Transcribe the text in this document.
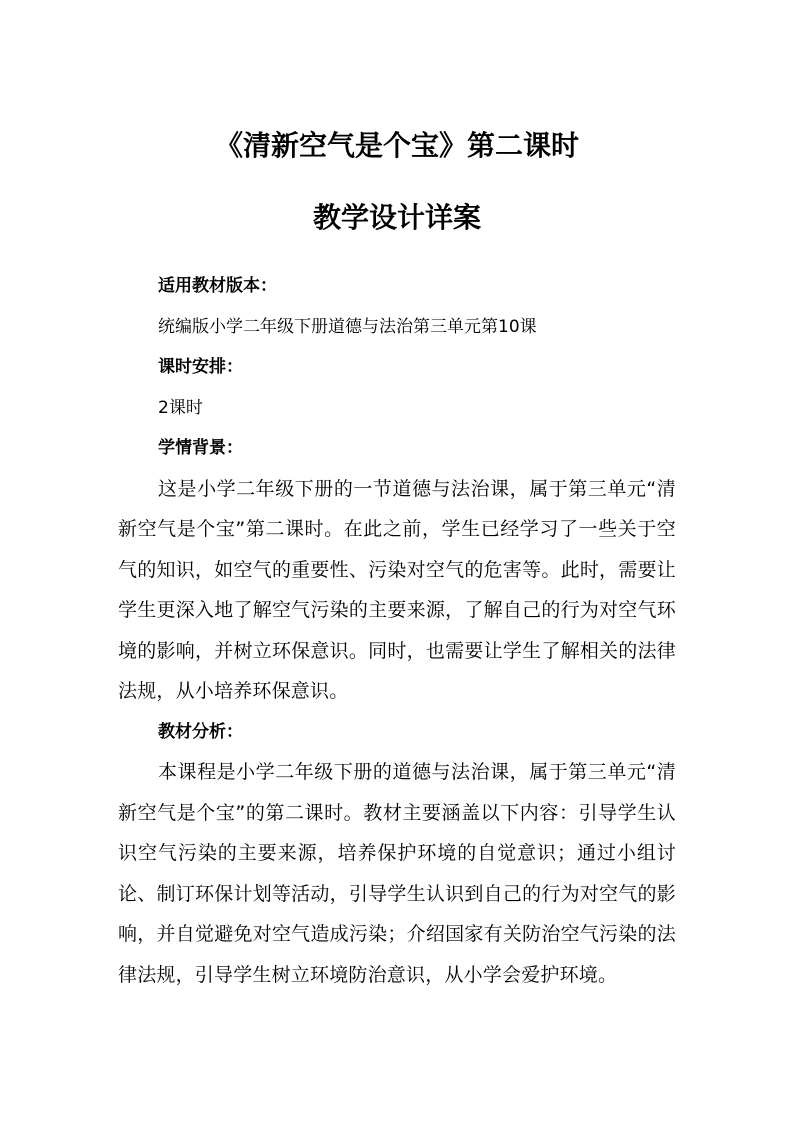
《清新空气是个宝》第二课时
教学设计详案

适用教材版本：

统编版小学二年级下册道德与法治第三单元第10课

课时安排：

2课时

学情背景：

这是小学二年级下册的一节道德与法治课，属于第三单元“清新空气是个宝”第二课时。在此之前，学生已经学习了一些关于空气的知识，如空气的重要性、污染对空气的危害等。此时，需要让学生更深入地了解空气污染的主要来源，了解自己的行为对空气环境的影响，并树立环保意识。同时，也需要让学生了解相关的法律法规，从小培养环保意识。

教材分析：

本课程是小学二年级下册的道德与法治课，属于第三单元“清新空气是个宝”的第二课时。教材主要涵盖以下内容：引导学生认识空气污染的主要来源，培养保护环境的自觉意识；通过小组讨论、制订环保计划等活动，引导学生认识到自己的行为对空气的影响，并自觉避免对空气造成污染；介绍国家有关防治空气污染的法律法规，引导学生树立环境防治意识，从小学会爱护环境。
